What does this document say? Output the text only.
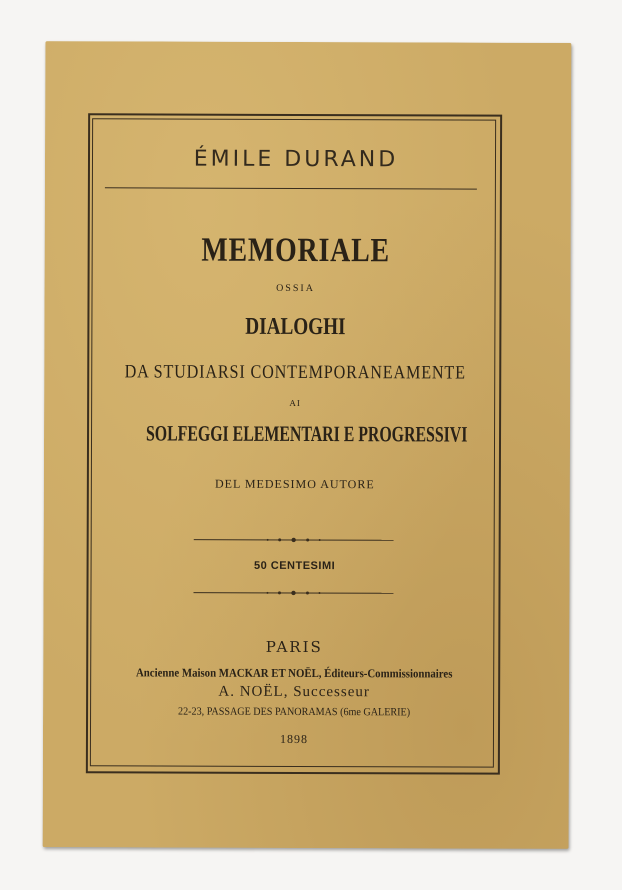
ÉMILE DURAND
MEMORIALE
OSSIA
DIALOGHI
DA STUDIARSI CONTEMPORANEAMENTE
AI
SOLFEGGI ELEMENTARI E PROGRESSIVI
DEL MEDESIMO AUTORE
50 CENTESIMI
PARIS
Ancienne Maison MACKAR ET NOËL, Éditeurs-Commissionnaires
A. NOËL, Successeur
22-23, PASSAGE DES PANORAMAS (6me GALERIE)
1898
